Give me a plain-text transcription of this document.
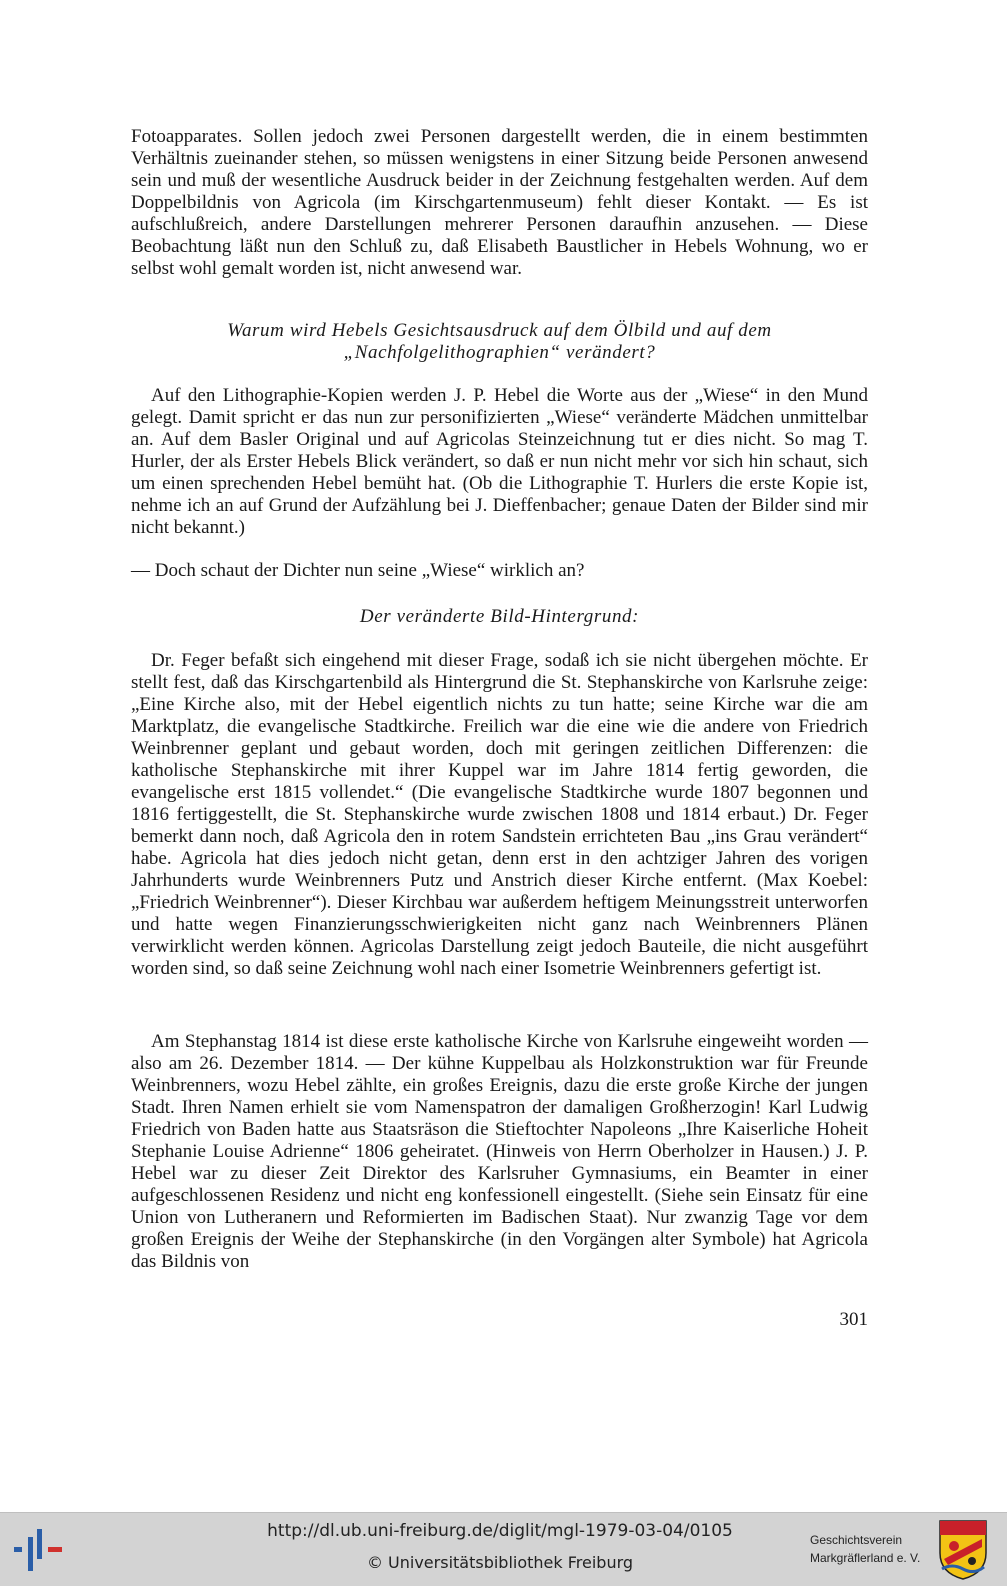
Fotoapparates. Sollen jedoch zwei Personen dargestellt werden, die in einem bestimmten Verhältnis zueinander stehen, so müssen wenigstens in einer Sitzung beide Personen anwesend sein und muß der wesentliche Ausdruck beider in der Zeichnung festgehalten werden. Auf dem Doppelbildnis von Agricola (im Kirschgartenmuseum) fehlt dieser Kontakt. — Es ist aufschlußreich, andere Darstellungen mehrerer Personen daraufhin anzusehen. — Diese Beobachtung läßt nun den Schluß zu, daß Elisabeth Baustlicher in Hebels Wohnung, wo er selbst wohl gemalt worden ist, nicht anwesend war.

Warum wird Hebels Gesichtsausdruck auf dem Ölbild und auf dem
„Nachfolgelithographien“ verändert?

Auf den Lithographie-Kopien werden J. P. Hebel die Worte aus der „Wiese“ in den Mund gelegt. Damit spricht er das nun zur personifizierten „Wiese“ veränderte Mädchen unmittelbar an. Auf dem Basler Original und auf Agricolas Steinzeichnung tut er dies nicht. So mag T. Hurler, der als Erster Hebels Blick verändert, so daß er nun nicht mehr vor sich hin schaut, sich um einen sprechenden Hebel bemüht hat. (Ob die Lithographie T. Hurlers die erste Kopie ist, nehme ich an auf Grund der Aufzählung bei J. Dieffenbacher; genaue Daten der Bilder sind mir nicht bekannt.)

— Doch schaut der Dichter nun seine „Wiese“ wirklich an?

Der veränderte Bild-Hintergrund:

Dr. Feger befaßt sich eingehend mit dieser Frage, sodaß ich sie nicht übergehen möchte. Er stellt fest, daß das Kirschgartenbild als Hintergrund die St. Stephanskirche von Karlsruhe zeige: „Eine Kirche also, mit der Hebel eigentlich nichts zu tun hatte; seine Kirche war die am Marktplatz, die evangelische Stadtkirche. Freilich war die eine wie die andere von Friedrich Weinbrenner geplant und gebaut worden, doch mit geringen zeitlichen Differenzen: die katholische Stephanskirche mit ihrer Kuppel war im Jahre 1814 fertig geworden, die evangelische erst 1815 vollendet.“ (Die evangelische Stadtkirche wurde 1807 begonnen und 1816 fertiggestellt, die St. Stephanskirche wurde zwischen 1808 und 1814 erbaut.) Dr. Feger bemerkt dann noch, daß Agricola den in rotem Sandstein errichteten Bau „ins Grau verändert“ habe. Agricola hat dies jedoch nicht getan, denn erst in den achtziger Jahren des vorigen Jahrhunderts wurde Weinbrenners Putz und Anstrich dieser Kirche entfernt. (Max Koebel: „Friedrich Weinbrenner“). Dieser Kirchbau war außerdem heftigem Meinungsstreit unterworfen und hatte wegen Finanzierungsschwierigkeiten nicht ganz nach Weinbrenners Plänen verwirklicht werden können. Agricolas Darstellung zeigt jedoch Bauteile, die nicht ausgeführt worden sind, so daß seine Zeichnung wohl nach einer Isometrie Weinbrenners gefertigt ist.

Am Stephanstag 1814 ist diese erste katholische Kirche von Karlsruhe eingeweiht worden — also am 26. Dezember 1814. — Der kühne Kuppelbau als Holzkonstruktion war für Freunde Weinbrenners, wozu Hebel zählte, ein großes Ereignis, dazu die erste große Kirche der jungen Stadt. Ihren Namen erhielt sie vom Namenspatron der damaligen Großherzogin! Karl Ludwig Friedrich von Baden hatte aus Staatsräson die Stieftochter Napoleons „Ihre Kaiserliche Hoheit Stephanie Louise Adrienne“ 1806 geheiratet. (Hinweis von Herrn Oberholzer in Hausen.) J. P. Hebel war zu dieser Zeit Direktor des Karlsruher Gymnasiums, ein Beamter in einer aufgeschlossenen Residenz und nicht eng konfessionell eingestellt. (Siehe sein Einsatz für eine Union von Lutheranern und Reformierten im Badischen Staat). Nur zwanzig Tage vor dem großen Ereignis der Weihe der Stephanskirche (in den Vorgängen alter Symbole) hat Agricola das Bildnis von

301
http://dl.ub.uni-freiburg.de/diglit/mgl-1979-03-04/0105
© Universitätsbibliothek Freiburg
Geschichtsverein
Markgräflerland e. V.
